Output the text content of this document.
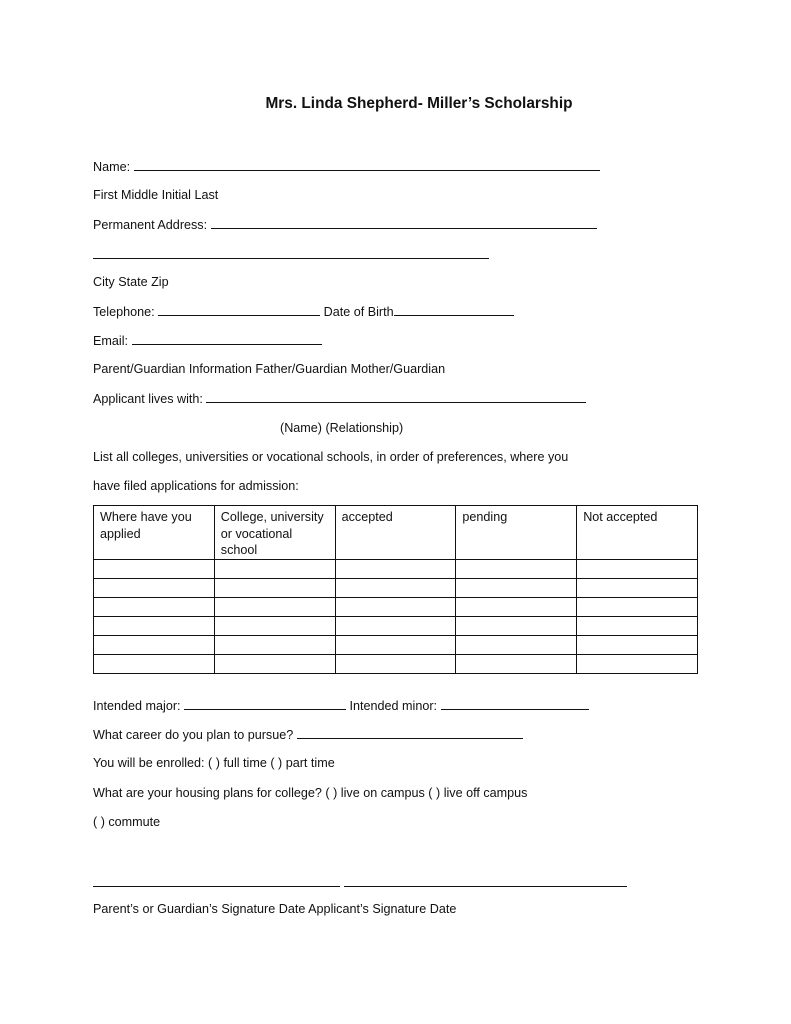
Mrs. Linda Shepherd- Miller’s Scholarship
Name:
First Middle Initial Last
Permanent Address:
City State Zip
Telephone:	Date of Birth
Email:
Parent/Guardian Information Father/Guardian Mother/Guardian
Applicant lives with:
(Name) (Relationship)
List all colleges, universities or vocational schools, in order of preferences, where you
have filed applications for admission:
Where have you applied	College, university or vocational school	accepted	pending	Not accepted

Intended major:	Intended minor:
What career do you plan to pursue?
You will be enrolled: ( ) full time ( ) part time
What are your housing plans for college? ( ) live on campus ( ) live off campus
( ) commute
Parent’s or Guardian’s Signature Date Applicant’s Signature Date
